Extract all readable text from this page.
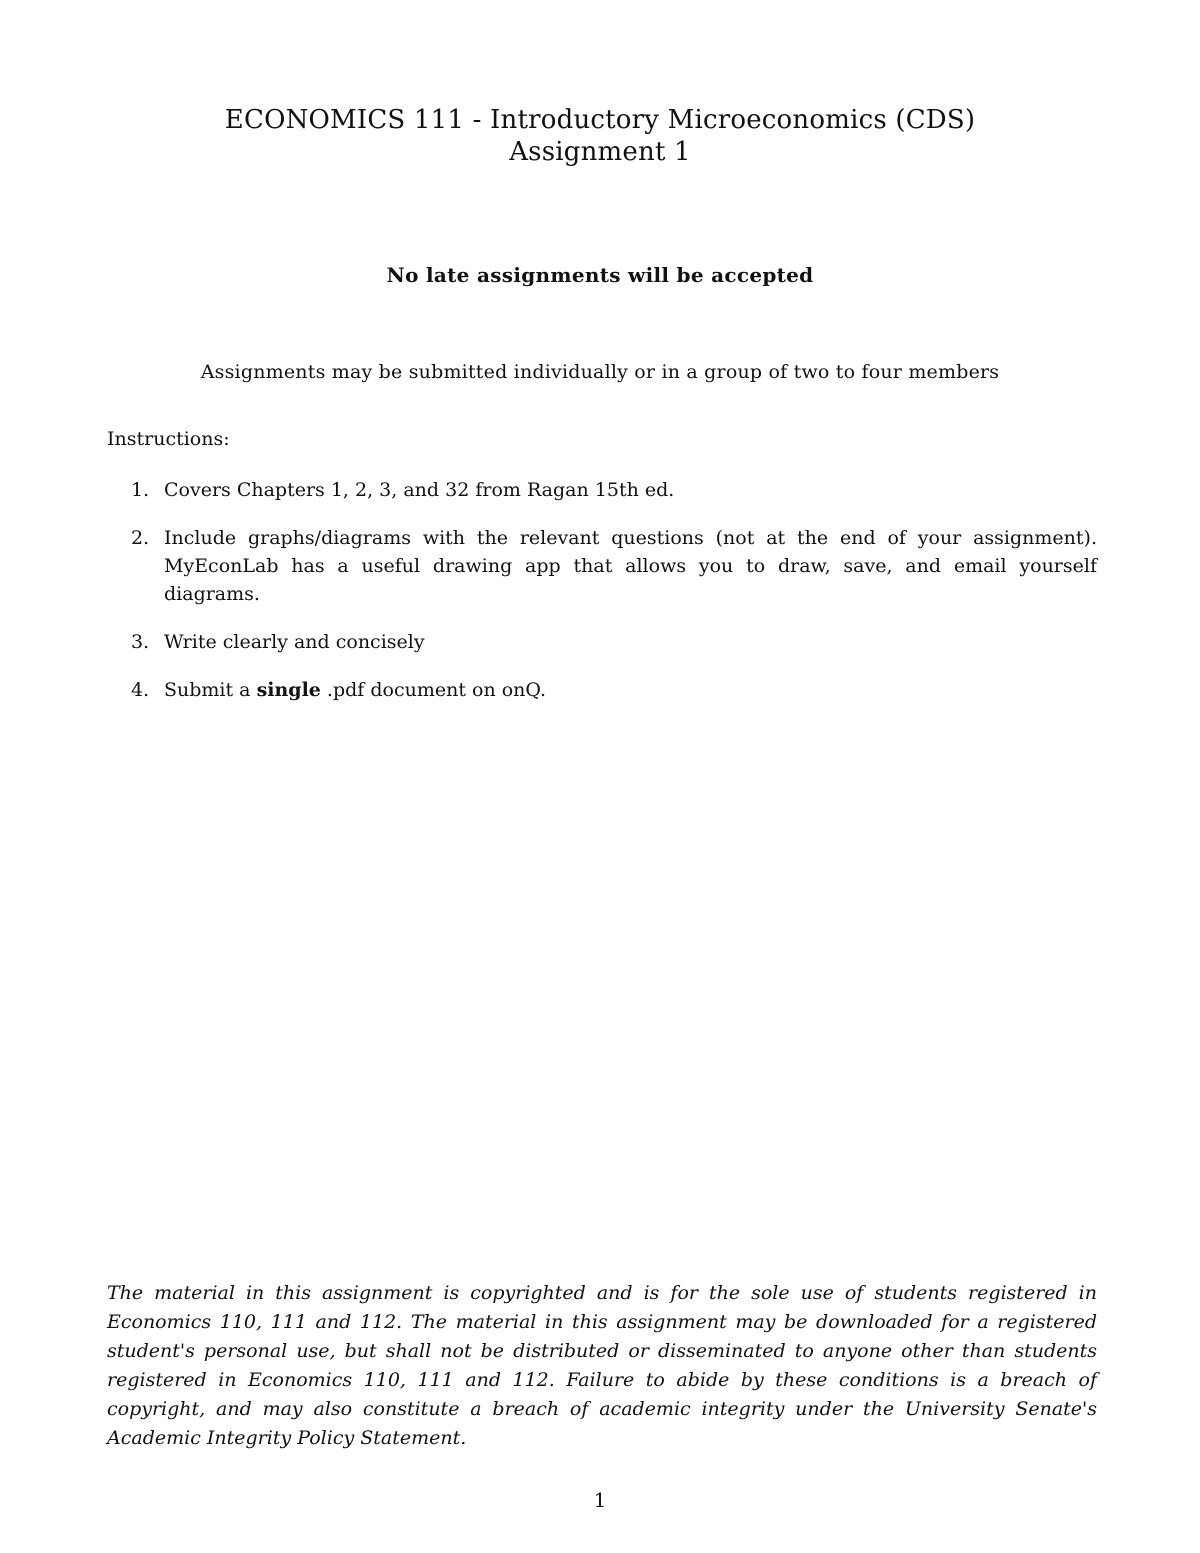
ECONOMICS 111 - Introductory Microeconomics (CDS)
Assignment 1
No late assignments will be accepted
Assignments may be submitted individually or in a group of two to four members
Instructions:
1. Covers Chapters 1, 2, 3, and 32 from Ragan 15th ed.
2. Include graphs/diagrams with the relevant questions (not at the end of your assignment). MyEconLab has a useful drawing app that allows you to draw, save, and email yourself diagrams.
3. Write clearly and concisely
4. Submit a single .pdf document on onQ.
The material in this assignment is copyrighted and is for the sole use of students registered in Economics 110, 111 and 112. The material in this assignment may be downloaded for a registered student's personal use, but shall not be distributed or disseminated to anyone other than students registered in Economics 110, 111 and 112. Failure to abide by these conditions is a breach of copyright, and may also constitute a breach of academic integrity under the University Senate's Academic Integrity Policy Statement.
1
